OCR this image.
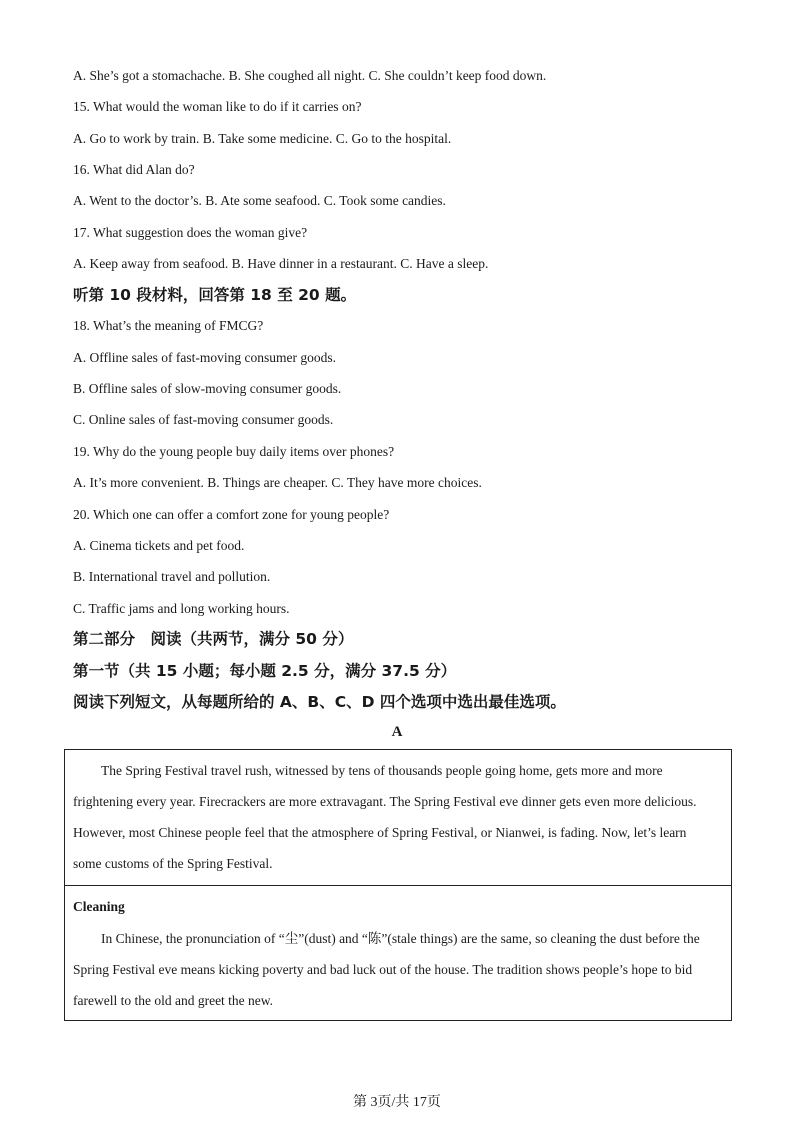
A. She’s got a stomachache. B. She coughed all night. C. She couldn’t keep food down.
15. What would the woman like to do if it carries on?
A. Go to work by train. B. Take some medicine. C. Go to the hospital.
16. What did Alan do?
A. Went to the doctor’s. B. Ate some seafood. C. Took some candies.
17. What suggestion does the woman give?
A. Keep away from seafood. B. Have dinner in a restaurant. C. Have a sleep.
听第 10 段材料，回答第 18 至 20 题。
18. What’s the meaning of FMCG?
A. Offline sales of fast-moving consumer goods.
B. Offline sales of slow-moving consumer goods.
C. Online sales of fast-moving consumer goods.
19. Why do the young people buy daily items over phones?
A. It’s more convenient. B. Things are cheaper. C. They have more choices.
20. Which one can offer a comfort zone for young people?
A. Cinema tickets and pet food.
B. International travel and pollution.
C. Traffic jams and long working hours.
第二部分　阅读（共两节，满分 50 分）
第一节（共 15 小题；每小题 2.5 分，满分 37.5 分）
阅读下列短文，从每题所给的 A、B、C、D 四个选项中选出最佳选项。
A
The Spring Festival travel rush, witnessed by tens of thousands people going home, gets more and more
frightening every year. Firecrackers are more extravagant. The Spring Festival eve dinner gets even more delicious.
However, most Chinese people feel that the atmosphere of Spring Festival, or Nianwei, is fading. Now, let’s learn
some customs of the Spring Festival.
Cleaning
In Chinese, the pronunciation of “尘”(dust) and “陈”(stale things) are the same, so cleaning the dust before the
Spring Festival eve means kicking poverty and bad luck out of the house. The tradition shows people’s hope to bid
farewell to the old and greet the new.
第 3页/共 17页
